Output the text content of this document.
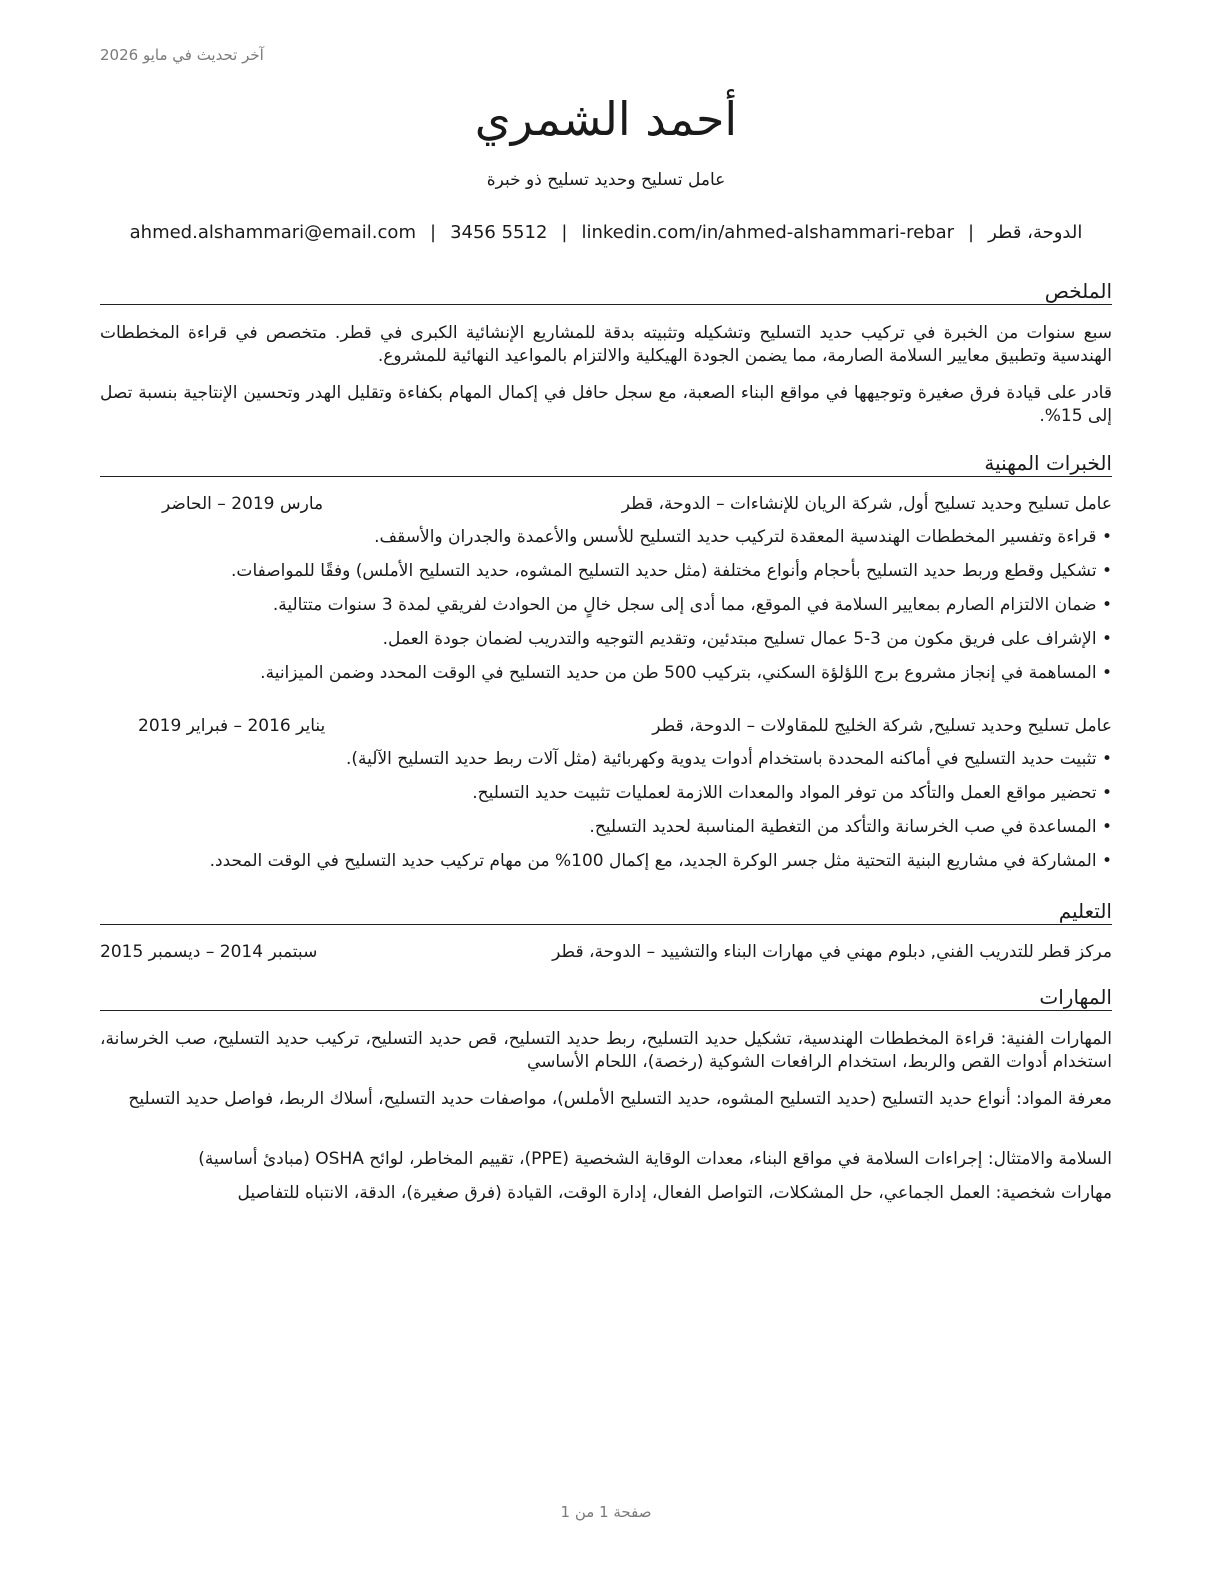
آخر تحديث في مايو 2026
أحمد الشمري
عامل تسليح وحديد تسليح ذو خبرة
الدوحة، قطر|ahmed.alshammari@email.com | 3456 5512 | linkedin.com/in/ahmed-alshammari-rebar
الملخص
سبع سنوات من الخبرة في تركيب حديد التسليح وتشكيله وتثبيته بدقة للمشاريع الإنشائية الكبرى في قطر. متخصص في قراءة المخططات الهندسية وتطبيق معايير السلامة الصارمة، مما يضمن الجودة الهيكلية والالتزام بالمواعيد النهائية للمشروع.
قادر على قيادة فرق صغيرة وتوجيهها في مواقع البناء الصعبة، مع سجل حافل في إكمال المهام بكفاءة وتقليل الهدر وتحسين الإنتاجية بنسبة تصل إلى 15%.
الخبرات المهنية
عامل تسليح وحديد تسليح أول, شركة الريان للإنشاءات – الدوحة، قطر
مارس 2019 – الحاضر
• قراءة وتفسير المخططات الهندسية المعقدة لتركيب حديد التسليح للأسس والأعمدة والجدران والأسقف.
• تشكيل وقطع وربط حديد التسليح بأحجام وأنواع مختلفة (مثل حديد التسليح المشوه، حديد التسليح الأملس) وفقًا للمواصفات.
• ضمان الالتزام الصارم بمعايير السلامة في الموقع، مما أدى إلى سجل خالٍ من الحوادث لفريقي لمدة 3 سنوات متتالية.
• الإشراف على فريق مكون من 3-5 عمال تسليح مبتدئين، وتقديم التوجيه والتدريب لضمان جودة العمل.
• المساهمة في إنجاز مشروع برج اللؤلؤة السكني، بتركيب 500 طن من حديد التسليح في الوقت المحدد وضمن الميزانية.
عامل تسليح وحديد تسليح, شركة الخليج للمقاولات – الدوحة، قطر
يناير 2016 – فبراير 2019
• تثبيت حديد التسليح في أماكنه المحددة باستخدام أدوات يدوية وكهربائية (مثل آلات ربط حديد التسليح الآلية).
• تحضير مواقع العمل والتأكد من توفر المواد والمعدات اللازمة لعمليات تثبيت حديد التسليح.
• المساعدة في صب الخرسانة والتأكد من التغطية المناسبة لحديد التسليح.
• المشاركة في مشاريع البنية التحتية مثل جسر الوكرة الجديد، مع إكمال 100% من مهام تركيب حديد التسليح في الوقت المحدد.
التعليم
مركز قطر للتدريب الفني, دبلوم مهني في مهارات البناء والتشييد – الدوحة، قطر
سبتمبر 2014 – ديسمبر 2015
المهارات
المهارات الفنية: قراءة المخططات الهندسية، تشكيل حديد التسليح، ربط حديد التسليح، قص حديد التسليح، تركيب حديد التسليح، صب الخرسانة، استخدام أدوات القص والربط، استخدام الرافعات الشوكية (رخصة)، اللحام الأساسي
معرفة المواد: أنواع حديد التسليح (حديد التسليح المشوه، حديد التسليح الأملس)، مواصفات حديد التسليح، أسلاك الربط، فواصل حديد التسليح
السلامة والامتثال: إجراءات السلامة في مواقع البناء، معدات الوقاية الشخصية (PPE)، تقييم المخاطر، لوائح OSHA (مبادئ أساسية)
مهارات شخصية: العمل الجماعي، حل المشكلات، التواصل الفعال، إدارة الوقت، القيادة (فرق صغيرة)، الدقة، الانتباه للتفاصيل
صفحة 1 من 1
